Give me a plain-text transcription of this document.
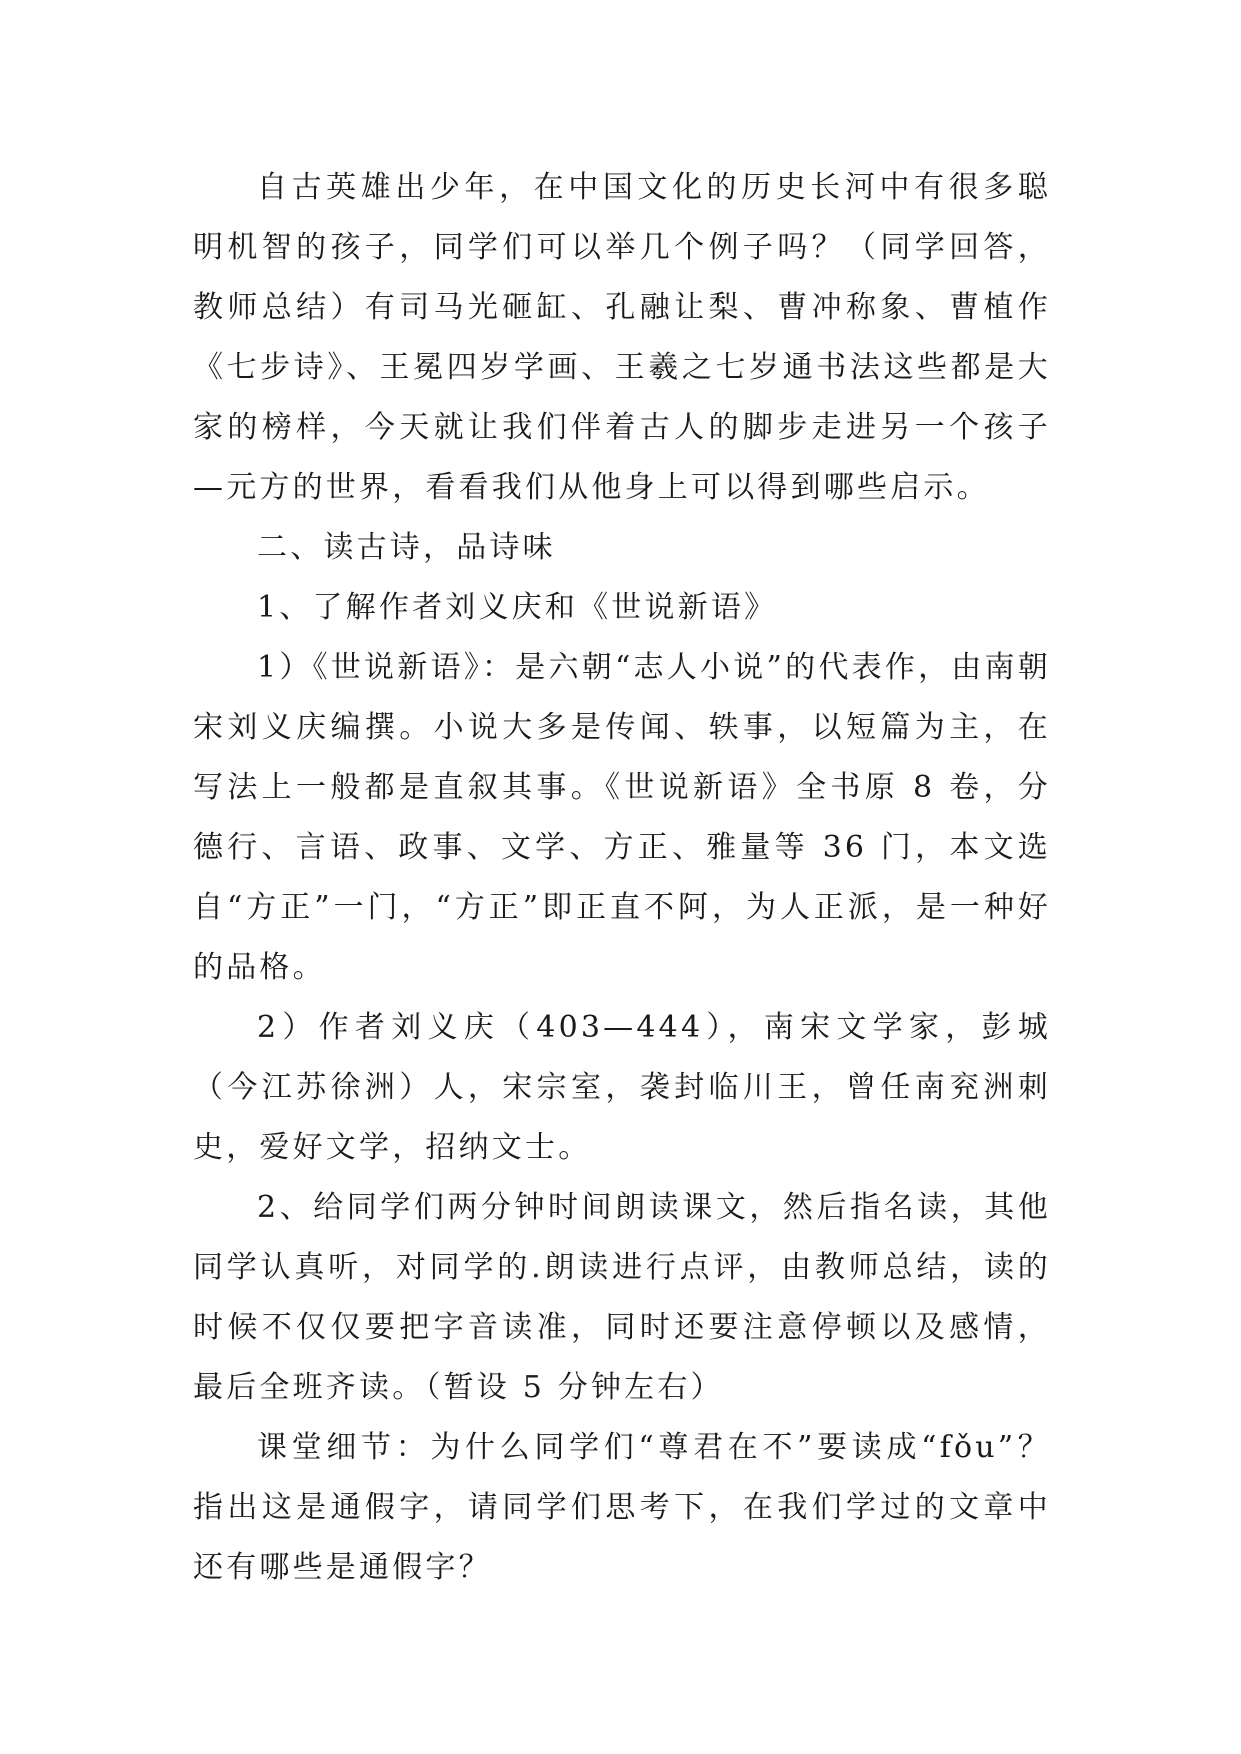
自古英雄出少年，在中国文化的历史长河中有很多聪明机智的孩子，同学们可以举几个例子吗？（同学回答，教师总结）有司马光砸缸、孔融让梨、曹冲称象、曹植作《七步诗》、王冕四岁学画、王羲之七岁通书法这些都是大家的榜样，今天就让我们伴着古人的脚步走进另一个孩子—元方的世界，看看我们从他身上可以得到哪些启示。

二、读古诗，品诗味

1、了解作者刘义庆和《世说新语》

1）《世说新语》：是六朝“志人小说”的代表作，由南朝宋刘义庆编撰。小说大多是传闻、轶事，以短篇为主，在写法上一般都是直叙其事。《世说新语》全书原 8 卷，分德行、言语、政事、文学、方正、雅量等 36 门，本文选自“方正”一门，“方正”即正直不阿，为人正派，是一种好的品格。

2）作者刘义庆（403—444），南宋文学家，彭城（今江苏徐洲）人，宋宗室，袭封临川王，曾任南兖洲刺史，爱好文学，招纳文士。

2、给同学们两分钟时间朗读课文，然后指名读，其他同学认真听，对同学的.朗读进行点评，由教师总结，读的时候不仅仅要把字音读准，同时还要注意停顿以及感情，最后全班齐读。（暂设 5 分钟左右）

课堂细节：为什么同学们“尊君在不”要读成“fǒu”？指出这是通假字，请同学们思考下，在我们学过的文章中还有哪些是通假字？
